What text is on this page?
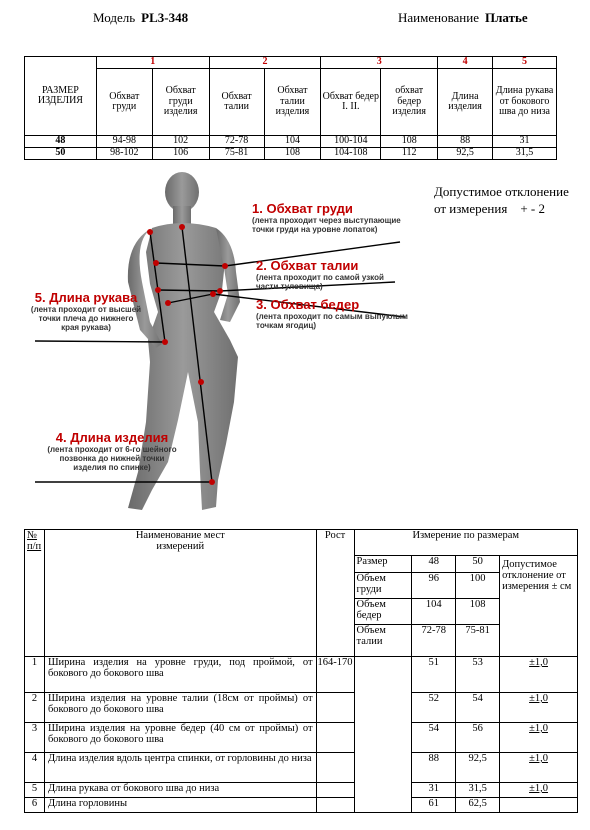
Модель PL3-348	Наименование Платье
РАЗМЕР ИЗДЕЛИЯ	1		2		3		4	5
	Обхват груди	Обхват груди изделия	Обхват талии	Обхват талии изделия	Обхват бедер I. II.	обхват бедер изделия	Длина изделия	Длина рукава от бокового шва до низа
48	94-98	102	72-78	104	100-104	108	88	31
50	98-102	106	75-81	108	104-108	112	92,5	31,5
Допустимое отклонение
от измерения    + - 2
1. Обхват груди
(лента проходит через выступающие точки груди на уровне лопаток)
2. Обхват талии
(лента проходит по самой узкой части туловища)
3. Обхват бедер
(лента проходит по самым выпуклым точкам ягодиц)
5. Длина рукава
(лента проходит от высшей точки плеча до нижнего края рукава)
4. Длина изделия
(лента проходит от 6-го шейного позвонка до нижней точки изделия по спинке)
№ п/п	Наименование мест измерений	Рост	Измерение по размерам			
			Размер	48	50	Допустимое отклонение от измерения ± см
			Объем груди	96	100	
			Объем бедер	104	108	
			Объем талии	72-78	75-81	
1	Ширина изделия на уровне груди, под проймой, от бокового до бокового шва	164-170		51	53	±1,0
2	Ширина изделия на уровне талии (18см от проймы) от бокового до бокового шва			52	54	±1,0
3	Ширина изделия на уровне бедер (40 см от проймы) от бокового до бокового шва			54	56	±1,0
4	Длина изделия вдоль центра спинки, от горловины до низа			88	92,5	±1,0
5	Длина рукава от бокового шва до низа			31	31,5	±1,0
6	Длина горловины			61	62,5	
